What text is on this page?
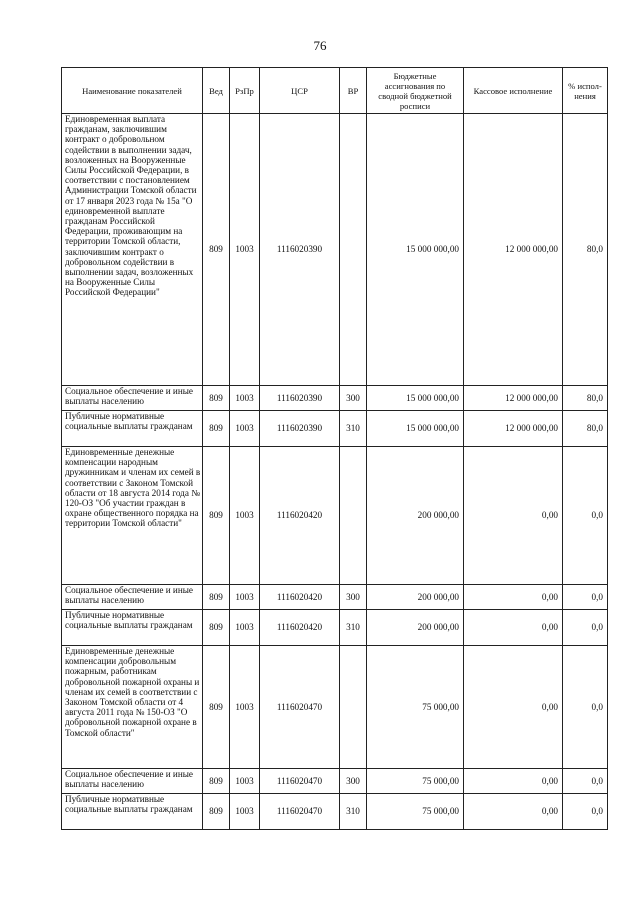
76
Наименование показателей	Вед	РзПр	ЦСР	ВР	Бюджетные ассигнования по сводной бюджетной росписи	Кассовое исполнение	% испол-нения
Единовременная выплата гражданам, заключившим контракт о добровольном содействии в выполнении задач, возложенных на Вооруженные Силы Российской Федерации, в соответствии с постановлением Администрации Томской области от 17 января 2023 года № 15а "О единовременной выплате гражданам Российской Федерации, проживающим на территории Томской области, заключившим контракт о добровольном содействии в выполнении задач, возложенных на Вооруженные Силы Российской Федерации"	809	1003	1116020390		15 000 000,00	12 000 000,00	80,0
Социальное обеспечение и иные выплаты населению	809	1003	1116020390	300	15 000 000,00	12 000 000,00	80,0
Публичные нормативные социальные выплаты гражданам	809	1003	1116020390	310	15 000 000,00	12 000 000,00	80,0
Единовременные денежные компенсации народным дружинникам и членам их семей в соответствии с Законом Томской области от 18 августа 2014 года № 120-ОЗ "Об участии граждан в охране общественного порядка на территории Томской области"	809	1003	1116020420		200 000,00	0,00	0,0
Социальное обеспечение и иные выплаты населению	809	1003	1116020420	300	200 000,00	0,00	0,0
Публичные нормативные социальные выплаты гражданам	809	1003	1116020420	310	200 000,00	0,00	0,0
Единовременные денежные компенсации добровольным пожарным, работникам добровольной пожарной охраны и членам их семей в соответствии с Законом Томской области от 4 августа 2011 года № 150-ОЗ "О добровольной пожарной охране в Томской области"	809	1003	1116020470		75 000,00	0,00	0,0
Социальное обеспечение и иные выплаты населению	809	1003	1116020470	300	75 000,00	0,00	0,0
Публичные нормативные социальные выплаты гражданам	809	1003	1116020470	310	75 000,00	0,00	0,0
